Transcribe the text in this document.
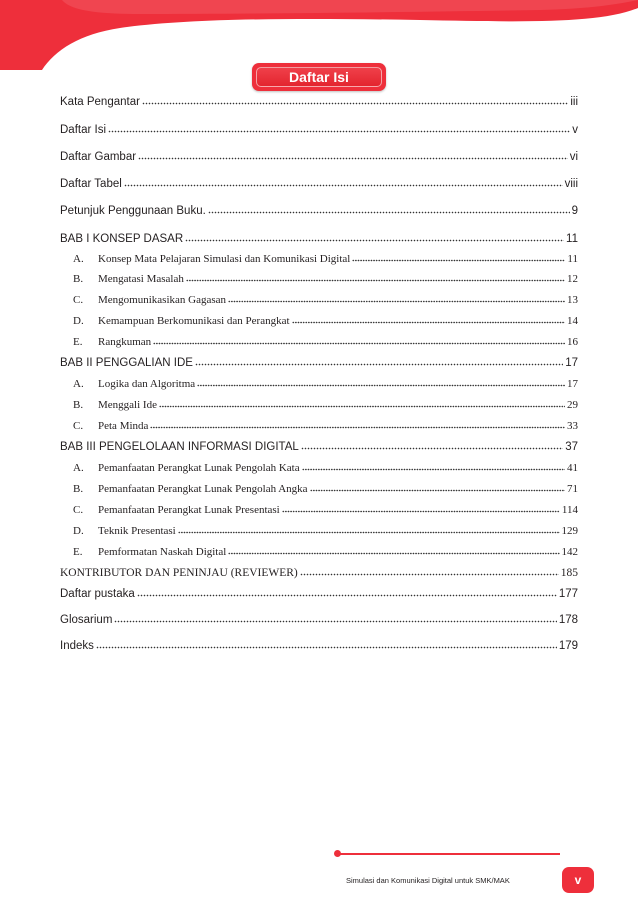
Daftar Isi
Kata Pengantar	iii
Daftar Isi	v
Daftar Gambar	vi
Daftar Tabel	viii
Petunjuk Penggunaan Buku.	9
BAB I KONSEP DASAR	11
A.	Konsep Mata Pelajaran Simulasi dan Komunikasi Digital	11
B.	Mengatasi Masalah	12
C.	Mengomunikasikan Gagasan	13
D.	Kemampuan Berkomunikasi dan Perangkat	14
E.	Rangkuman	16
BAB II PENGGALIAN IDE	17
A.	Logika dan Algoritma	17
B.	Menggali Ide	29
C.	Peta Minda	33
BAB III PENGELOLAAN INFORMASI DIGITAL	37
A.	Pemanfaatan Perangkat Lunak Pengolah Kata	41
B.	Pemanfaatan Perangkat Lunak Pengolah Angka	71
C.	Pemanfaatan Perangkat Lunak Presentasi	114
D.	Teknik Presentasi	129
E.	Pemformatan Naskah Digital	142
KONTRIBUTOR DAN PENINJAU (REVIEWER)	185
Daftar pustaka	177
Glosarium	178
Indeks	179
Simulasi dan Komunikasi Digital untuk SMK/MAK	v
